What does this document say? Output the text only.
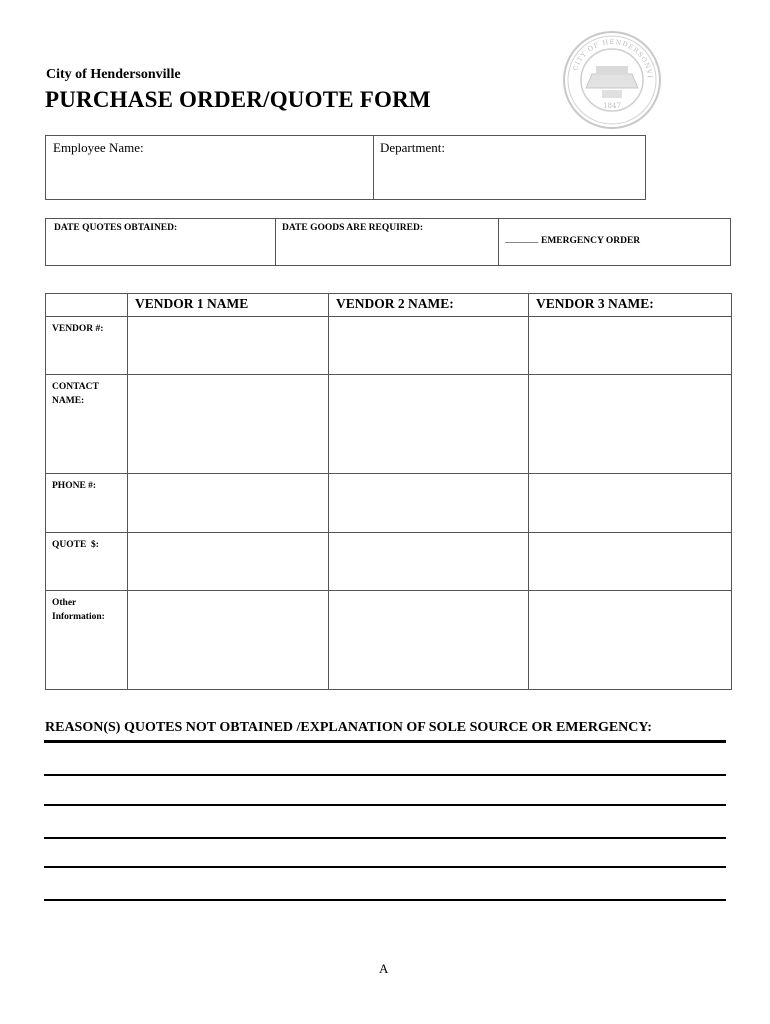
City of Hendersonville
PURCHASE ORDER/QUOTE FORM	1847
CITY OF HENDERSONVI
Employee Name:	Department:
DATE QUOTES OBTAINED:	DATE GOODS ARE REQUIRED:
_______ EMERGENCY ORDER
	VENDOR 1 NAME	VENDOR 2 NAME:	VENDOR 3 NAME:

VENDOR #:			

CONTACT
NAME:			

PHONE #:			

QUOTE  $:			

Other
Information:			

REASON(S) QUOTES NOT OBTAINED /EXPLANATION OF SOLE SOURCE OR EMERGENCY:
A
